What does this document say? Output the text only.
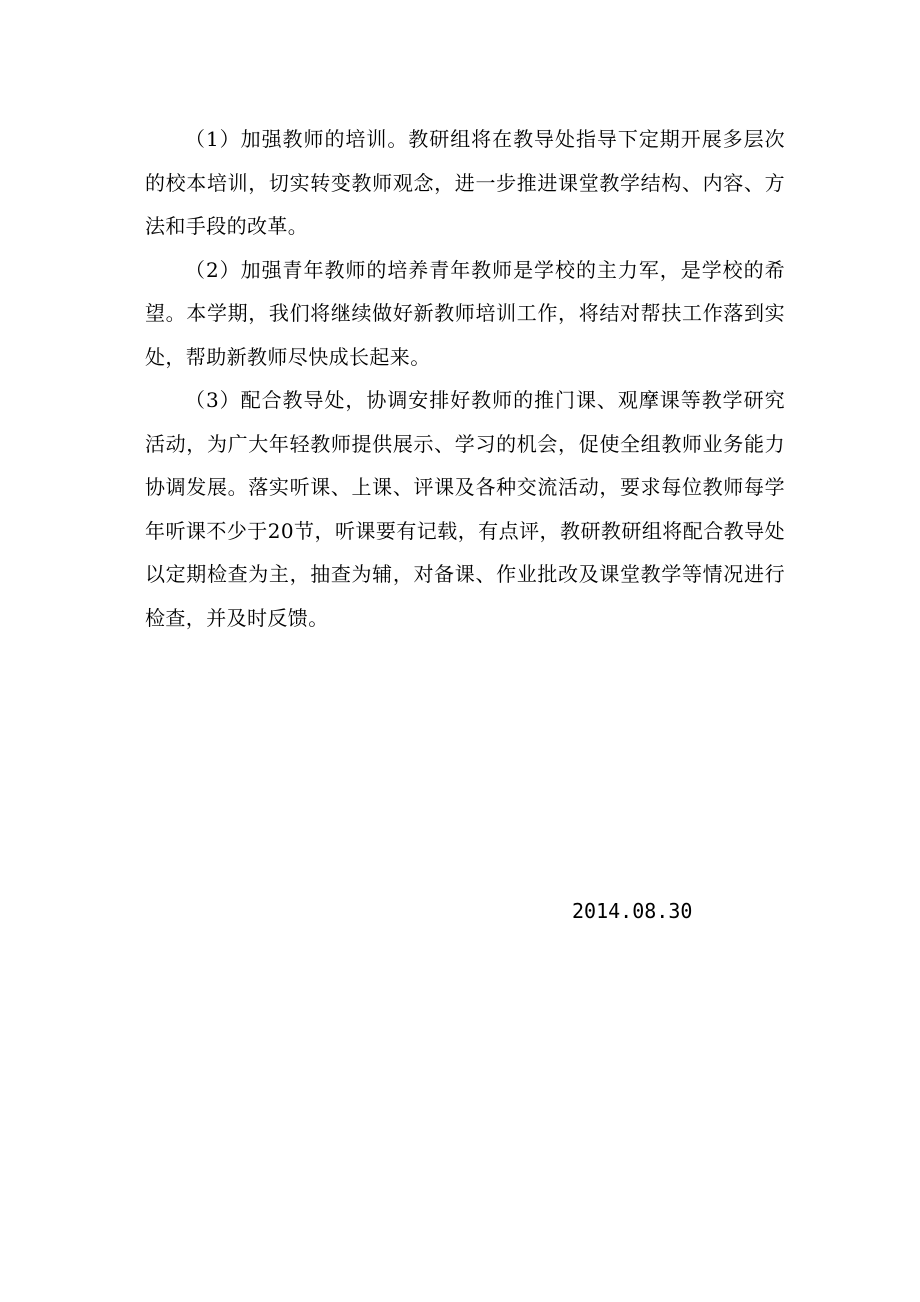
（1）加强教师的培训。教研组将在教导处指导下定期开展多层次的校本培训，切实转变教师观念，进一步推进课堂教学结构、内容、方法和手段的改革。

（2）加强青年教师的培养青年教师是学校的主力军，是学校的希望。本学期，我们将继续做好新教师培训工作，将结对帮扶工作落到实处，帮助新教师尽快成长起来。

（3）配合教导处，协调安排好教师的推门课、观摩课等教学研究活动，为广大年轻教师提供展示、学习的机会，促使全组教师业务能力协调发展。落实听课、上课、评课及各种交流活动，要求每位教师每学年听课不少于20节，听课要有记载，有点评，教研教研组将配合教导处以定期检查为主，抽查为辅，对备课、作业批改及课堂教学等情况进行检查，并及时反馈。

2014.08.30
